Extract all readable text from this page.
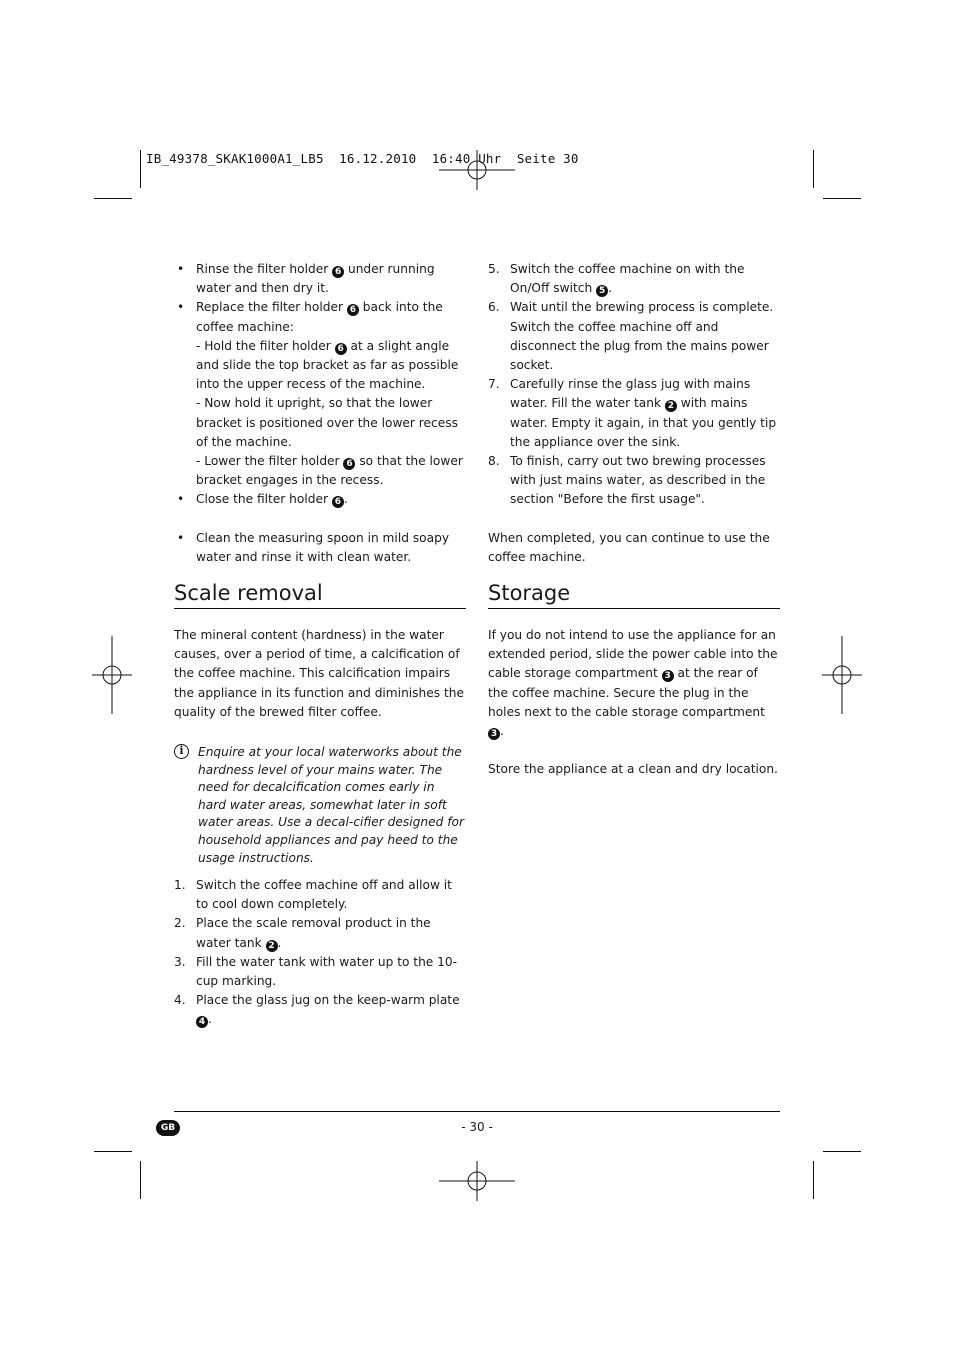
IB_49378_SKAK1000A1_LB5  16.12.2010  16:40 Uhr  Seite 30
• Rinse the filter holder 6 under running water and then dry it.
• Replace the filter holder 6 back into the coffee machine:
- Hold the filter holder 6 at a slight angle and slide the top bracket as far as possible into the upper recess of the machine.
- Now hold it upright, so that the lower bracket is positioned over the lower recess of the machine.
- Lower the filter holder 6 so that the lower bracket engages in the recess.
• Close the filter holder 6 .
• Clean the measuring spoon in mild soapy water and rinse it with clean water.
5. Switch the coffee machine on with the On/Off switch 5 .
6. Wait until the brewing process is complete. Switch the coffee machine off and disconnect the plug from the mains power socket.
7. Carefully rinse the glass jug with mains water. Fill the water tank 2 with mains water. Empty it again, in that you gently tip the appliance over the sink.
8. To finish, carry out two brewing processes with just mains water, as described in the section "Before the first usage".

When completed, you can continue to use the coffee machine.

Scale removal	Storage

The mineral content (hardness) in the water causes, over a period of time, a calcification of the coffee machine. This calcification impairs the appliance in its function and diminishes the quality of the brewed filter coffee.

i	Enquire at your local waterworks about the hardness level of your mains water. The need for decalcification comes early in hard water areas, somewhat later in soft water areas. Use a decal-cifier designed for household appliances and pay heed to the usage instructions.
1. Switch the coffee machine off and allow it to cool down completely.
2. Place the scale removal product in the water tank 2 .
3. Fill the water tank with water up to the 10-cup marking.
4. Place the glass jug on the keep-warm plate 4 .

If you do not intend to use the appliance for an extended period, slide the power cable into the cable storage compartment 3 at the rear of the coffee machine. Secure the plug in the holes next to the cable storage compartment 3 .

Store the appliance at a clean and dry location.

GB	- 30 -
